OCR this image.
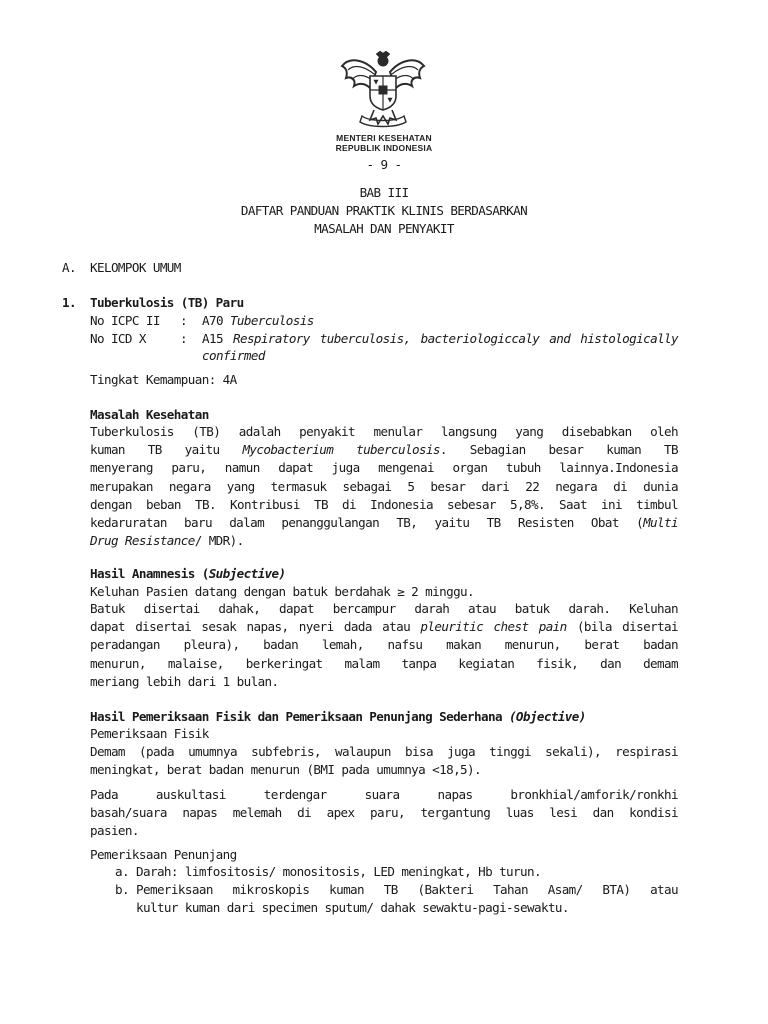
MENTERI KESEHATAN
REPUBLIK INDONESIA
- 9 -
BAB III
DAFTAR PANDUAN PRAKTIK KLINIS BERDASARKAN
MASALAH DAN PENYAKIT
A. KELOMPOK UMUM
1. Tuberkulosis (TB) Paru
No ICPC II : A70 Tuberculosis
No ICD X	: A15 Respiratory tuberculosis, bacteriologiccaly and histologically
confirmed
Tingkat Kemampuan: 4A
Masalah Kesehatan
Tuberkulosis (TB) adalah penyakit menular langsung yang disebabkan oleh
kuman TB yaitu Mycobacterium tuberculosis. Sebagian besar kuman TB
menyerang paru, namun dapat juga mengenai organ tubuh lainnya.Indonesia
merupakan negara yang termasuk sebagai 5 besar dari 22 negara di dunia
dengan beban TB. Kontribusi TB di Indonesia sebesar 5,8%. Saat ini timbul
kedaruratan baru dalam penanggulangan TB, yaitu TB Resisten Obat (Multi
Drug Resistance/ MDR).
Hasil Anamnesis (Subjective)
Keluhan Pasien datang dengan batuk berdahak ≥ 2 minggu.
Batuk disertai dahak, dapat bercampur darah atau batuk darah. Keluhan
dapat disertai sesak napas, nyeri dada atau pleuritic chest pain (bila disertai
peradangan pleura), badan lemah, nafsu makan menurun, berat badan
menurun, malaise, berkeringat malam tanpa kegiatan fisik, dan demam
meriang lebih dari 1 bulan.
Hasil Pemeriksaan Fisik dan Pemeriksaan Penunjang Sederhana (Objective)
Pemeriksaan Fisik
Demam (pada umumnya subfebris, walaupun bisa juga tinggi sekali), respirasi
meningkat, berat badan menurun (BMI pada umumnya <18,5).
Pada auskultasi terdengar suara napas bronkhial/amforik/ronkhi
basah/suara napas melemah di apex paru, tergantung luas lesi dan kondisi
pasien.
Pemeriksaan Penunjang
a. Darah: limfositosis/ monositosis, LED meningkat, Hb turun.
b. Pemeriksaan mikroskopis kuman TB (Bakteri Tahan Asam/ BTA) atau
kultur kuman dari specimen sputum/ dahak sewaktu-pagi-sewaktu.
